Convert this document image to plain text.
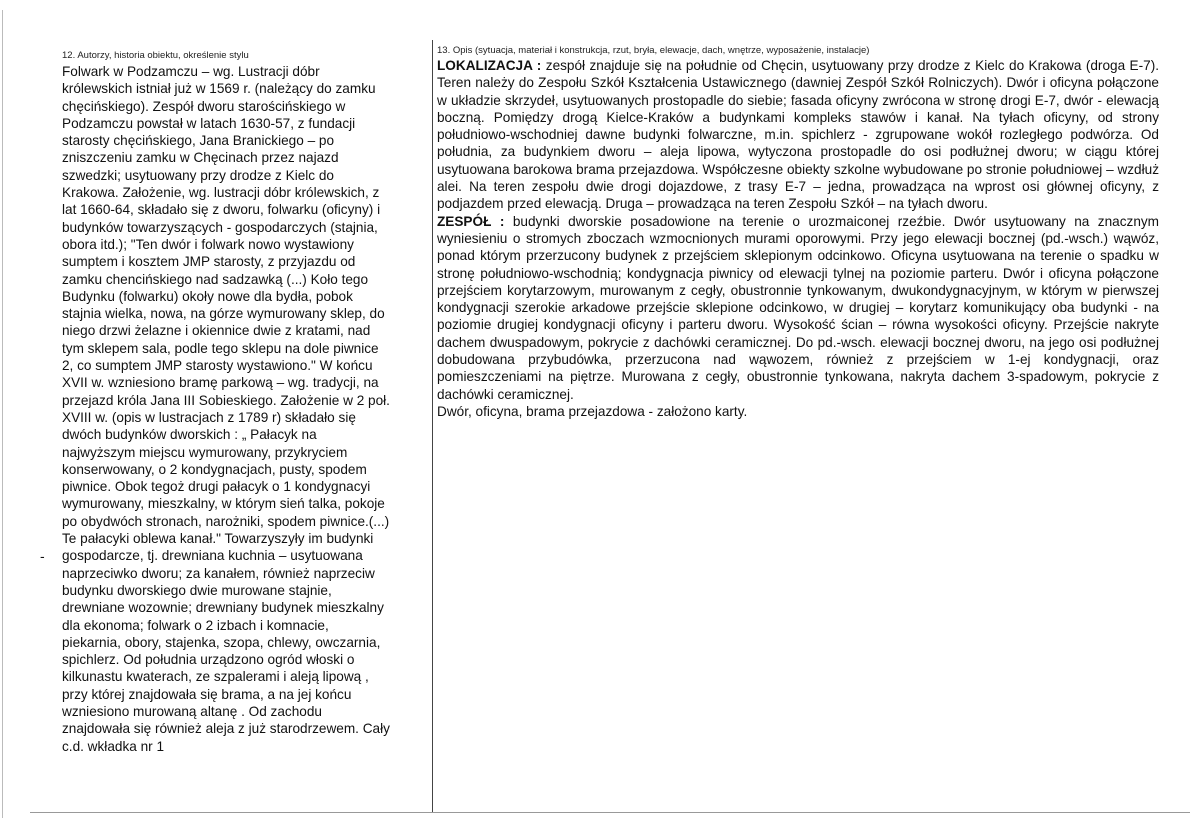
-
12. Autorzy, historia obiektu, określenie stylu
Folwark w Podzamczu – wg. Lustracji dóbr
królewskich istniał już w 1569 r. (należący do zamku
chęcińskiego). Zespół dworu starościńskiego w
Podzamczu powstał w latach 1630-57, z fundacji
starosty chęcińskiego, Jana Branickiego – po
zniszczeniu zamku w Chęcinach przez najazd
szwedzki; usytuowany przy drodze z Kielc do
Krakowa. Założenie, wg. lustracji dóbr królewskich, z
lat 1660-64, składało się z dworu, folwarku (oficyny) i
budynków towarzyszących - gospodarczych (stajnia,
obora itd.); "Ten dwór i folwark nowo wystawiony
sumptem i kosztem JMP starosty, z przyjazdu od
zamku chencińskiego nad sadzawką (...) Koło tego
Budynku (folwarku) okoły nowe dla bydła, pobok
stajnia wielka, nowa, na górze wymurowany sklep, do
niego drzwi żelazne i okiennice dwie z kratami, nad
tym sklepem sala, podle tego sklepu na dole piwnice
2, co sumptem JMP starosty wystawiono." W końcu
XVII w. wzniesiono bramę parkową – wg. tradycji, na
przejazd króla Jana III Sobieskiego. Założenie w 2 poł.
XVIII w. (opis w lustracjach z 1789 r) składało się
dwóch budynków dworskich : „ Pałacyk na
najwyższym miejscu wymurowany, przykryciem
konserwowany, o 2 kondygnacjach, pusty, spodem
piwnice. Obok tegoż drugi pałacyk o 1 kondygnacyi
wymurowany, mieszkalny, w którym sień talka, pokoje
po obydwóch stronach, narożniki, spodem piwnice.(...)
Te pałacyki oblewa kanał." Towarzyszyły im budynki
gospodarcze, tj. drewniana kuchnia – usytuowana
naprzeciwko dworu; za kanałem, również naprzeciw
budynku dworskiego dwie murowane stajnie,
drewniane wozownie; drewniany budynek mieszkalny
dla ekonoma; folwark o 2 izbach i komnacie,
piekarnia, obory, stajenka, szopa, chlewy, owczarnia,
spichlerz. Od południa urządzono ogród włoski o
kilkunastu kwaterach, ze szpalerami i aleją lipową ,
przy której znajdowała się brama, a na jej końcu
wzniesiono murowaną altanę . Od zachodu
znajdowała się również aleja z już starodrzewem. Cały
c.d. wkładka nr 1
13. Opis (sytuacja, materiał i konstrukcja, rzut, bryła, elewacje, dach, wnętrze, wyposażenie, instalacje)

LOKALIZACJA : zespół znajduje się na południe od Chęcin, usytuowany przy drodze z Kielc do Krakowa (droga E-7). Teren należy do Zespołu Szkół Kształcenia Ustawicznego (dawniej Zespół Szkół Rolniczych). Dwór i oficyna połączone w układzie skrzydeł, usytuowanych prostopadle do siebie; fasada oficyny zwrócona w stronę drogi E-7, dwór - elewacją boczną. Pomiędzy drogą Kielce-Kraków a budynkami kompleks stawów i kanał. Na tyłach oficyny, od strony południowo-wschodniej dawne budynki folwarczne, m.in. spichlerz - zgrupowane wokół rozległego podwórza. Od południa, za budynkiem dworu – aleja lipowa, wytyczona prostopadle do osi podłużnej dworu; w ciągu której usytuowana barokowa brama przejazdowa. Współczesne obiekty szkolne wybudowane po stronie południowej – wzdłuż alei. Na teren zespołu dwie drogi dojazdowe, z trasy E-7 – jedna, prowadząca na wprost osi głównej oficyny, z podjazdem przed elewacją. Druga – prowadząca na teren Zespołu Szkół – na tyłach dworu.

ZESPÓŁ : budynki dworskie posadowione na terenie o urozmaiconej rzeźbie. Dwór usytuowany na znacznym wyniesieniu o stromych zboczach wzmocnionych murami oporowymi. Przy jego elewacji bocznej (pd.-wsch.) wąwóz, ponad którym przerzucony budynek z przejściem sklepionym odcinkowo. Oficyna usytuowana na terenie o spadku w stronę południowo-wschodnią; kondygnacja piwnicy od elewacji tylnej na poziomie parteru. Dwór i oficyna połączone przejściem korytarzowym, murowanym z cegły, obustronnie tynkowanym, dwukondygnacyjnym, w którym w pierwszej kondygnacji szerokie arkadowe przejście sklepione odcinkowo, w drugiej – korytarz komunikujący oba budynki - na poziomie drugiej kondygnacji oficyny i parteru dworu. Wysokość ścian – równa wysokości oficyny. Przejście nakryte dachem dwuspadowym, pokrycie z dachówki ceramicznej. Do pd.-wsch. elewacji bocznej dworu, na jego osi podłużnej dobudowana przybudówka, przerzucona nad wąwozem, również z przejściem w 1-ej kondygnacji, oraz pomieszczeniami na piętrze. Murowana z cegły, obustronnie tynkowana, nakryta dachem 3-spadowym, pokrycie z dachówki ceramicznej.

Dwór, oficyna, brama przejazdowa - założono karty.
